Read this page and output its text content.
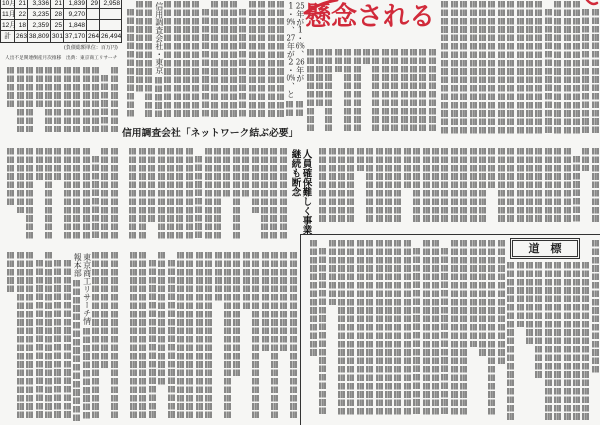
10月	21	3,336	21	1,839	29	2,958
11月	22	3,235	28	9,270		
12月	18	2,359	25	1,848		
計	263	38,809	301	37,170	264	26,494
(負債総額単位：百万円)
人出不足関連倒産月次推移　出典：東京商工リサーチ
懸念される
信用調査会社「ネットワーク結ぶ必要」
25年が1・6%、26年が
1・9%、27年が2・0%、と
信用調査会社・東京
東京商工リサーチ情
報本部
人員確保難しく事業
継続も断念
道　標
